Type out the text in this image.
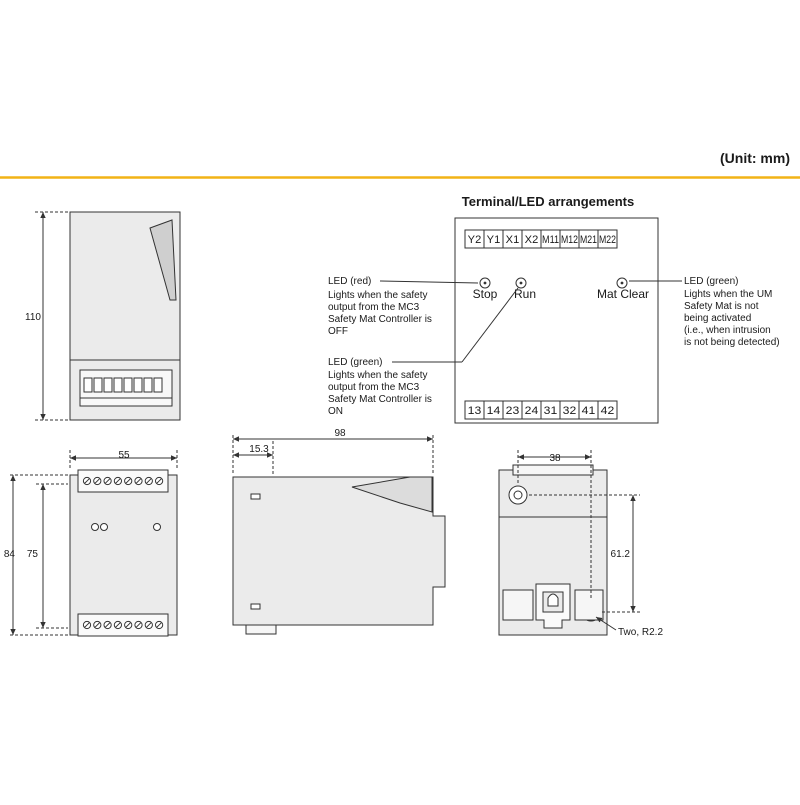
(Unit: mm)
110
55
84 75
98
15.3
38
61.2
Two, R2.2
Terminal/LED arrangements
Y2 Y1 X1 X2 M11 M12 M21 M22
13 14 23 24 31 32 41 42
Stop Run	Mat Clear
LED (red) Lights when the safety output from the MC3 Safety Mat Controller is OFF
LED (green) Lights when the safety output from the MC3 Safety Mat Controller is ON
LED (green) Lights when the UM Safety Mat is not being activated (i.e., when intrusion is not being detected)
